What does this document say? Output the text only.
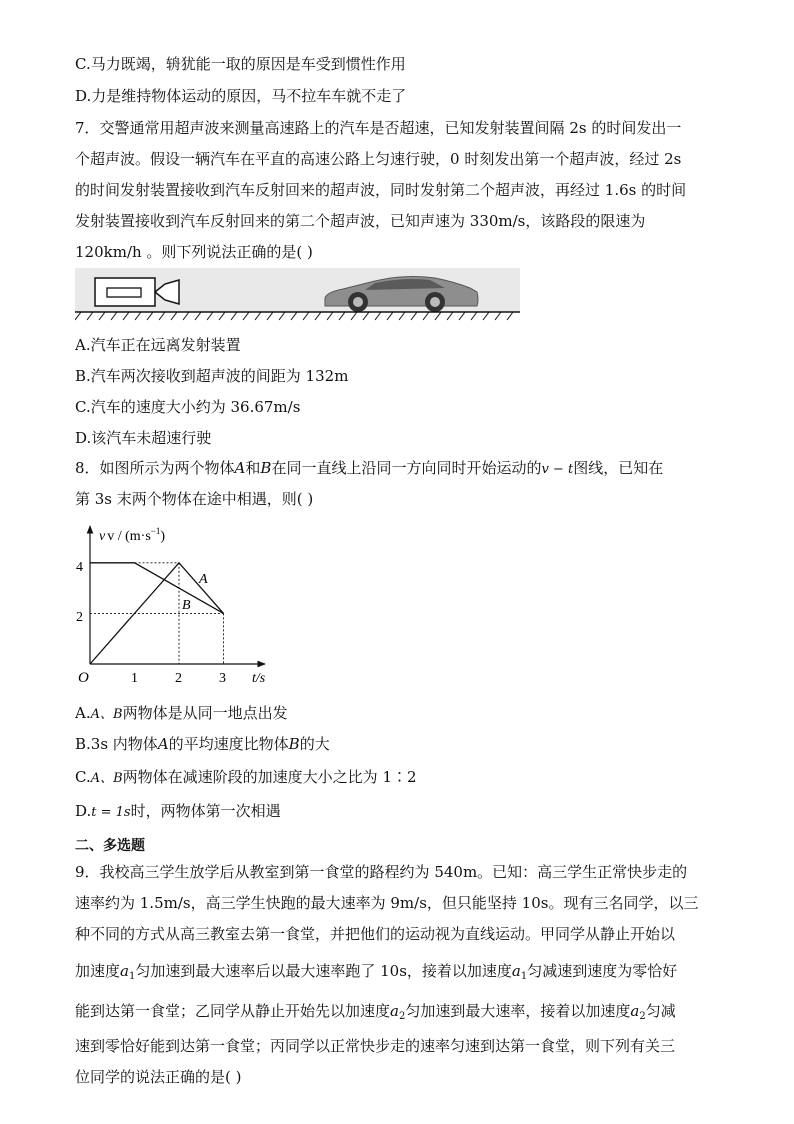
C.马力既竭，辀犹能一取的原因是车受到惯性作用
D.力是维持物体运动的原因，马不拉车车就不走了
7．交警通常用超声波来测量高速路上的汽车是否超速，已知发射装置间隔 2s 的时间发出一
个超声波。假设一辆汽车在平直的高速公路上匀速行驶，0 时刻发出第一个超声波，经过 2s
的时间发射装置接收到汽车反射回来的超声波，同时发射第二个超声波，再经过 1.6s 的时间
发射装置接收到汽车反射回来的第二个超声波，已知声速为 330m/s，该路段的限速为
120km/h 。则下列说法正确的是( )
A.汽车正在远离发射装置
B.汽车两次接收到超声波的间距为 132m
C.汽车的速度大小约为 36.67m/s
D.该汽车未超速行驶
8．如图所示为两个物体A和B在同一直线上沿同一方向同时开始运动的v − t图线，已知在
第 3s 末两个物体在途中相遇，则( )
v $v / (m\cdot s^{-1})$
4
2
O	1	2	3 t/s
A
B
A.A、B两物体是从同一地点出发
B.3s 内物体A的平均速度比物体B的大
C.A、B两物体在减速阶段的加速度大小之比为 1∶2
D.t = 1s时，两物体第一次相遇
二、多选题
9．我校高三学生放学后从教室到第一食堂的路程约为 540m。已知：高三学生正常快步走的
速率约为 1.5m/s，高三学生快跑的最大速率为 9m/s，但只能坚持 10s。现有三名同学，以三
种不同的方式从高三教室去第一食堂，并把他们的运动视为直线运动。甲同学从静止开始以
加速度$a_1$匀加速到最大速率后以最大速率跑了 10s，接着以加速度$a_1$匀减速到速度为零恰好
能到达第一食堂；乙同学从静止开始先以加速度$a_2$匀加速到最大速率，接着以加速度$a_2$匀减
速到零恰好能到达第一食堂；丙同学以正常快步走的速率匀速到达第一食堂，则下列有关三
位同学的说法正确的是( )
